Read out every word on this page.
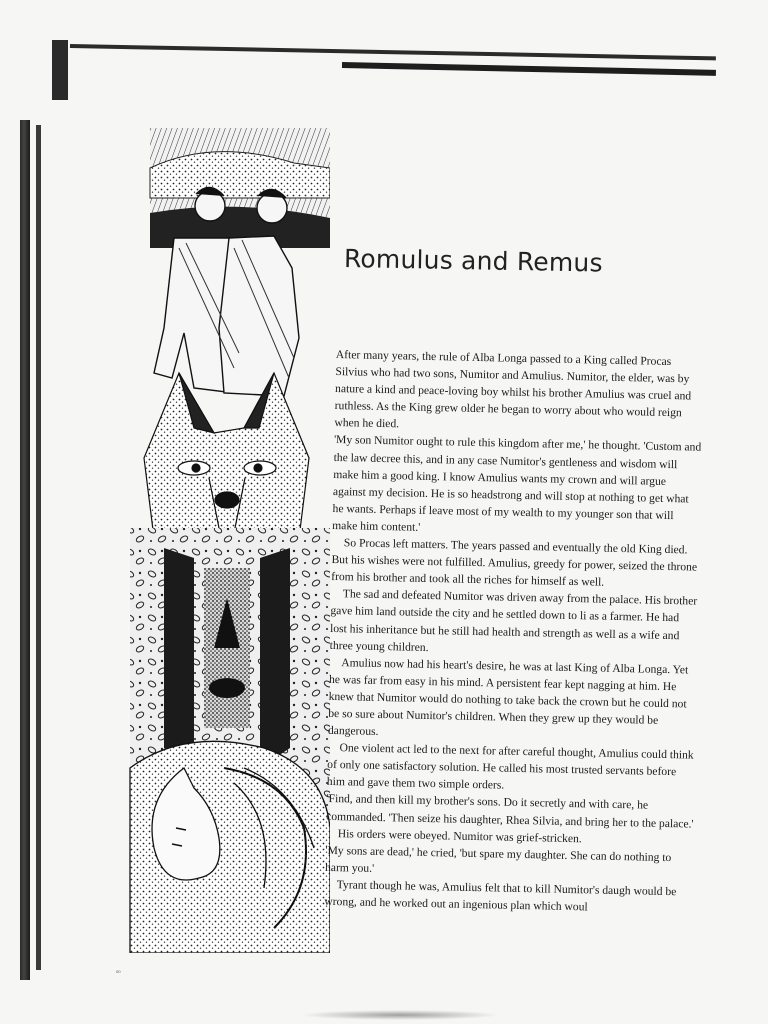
Romulus and Remus

After many years, the rule of Alba Longa passed to a King called Procas Silvius who had two sons, Numitor and Amulius. Numitor, the elder, was by nature a kind and peace-loving boy whilst his brother Amulius was cruel and ruthless. As the King grew older he began to worry about who would reign when he died.

'My son Numitor ought to rule this kingdom after me,' he thought. 'Custom and the law decree this, and in any case Numitor's gentleness and wisdom will make him a good king. I know Amulius wants my crown and will argue against my decision. He is so headstrong and will stop at nothing to get what he wants. Perhaps if leave most of my wealth to my younger son that will make him content.'

So Procas left matters. The years passed and eventually the old King died. But his wishes were not fulfilled. Amulius, greedy for power, seized the throne from his brother and took all the riches for himself as well.

The sad and defeated Numitor was driven away from the palace. His brother gave him land outside the city and he settled down to li as a farmer. He had lost his inheritance but he still had health and strength as well as a wife and three young children.

Amulius now had his heart's desire, he was at last King of Alba Longa. Yet he was far from easy in his mind. A persistent fear kept nagging at him. He knew that Numitor would do nothing to take back the crown but he could not be so sure about Numitor's children. When they grew up they would be dangerous.

One violent act led to the next for after careful thought, Amulius could think of only one satisfactory solution. He called his most trusted servants before him and gave them two simple orders.

'Find, and then kill my brother's sons. Do it secretly and with care, he commanded. 'Then seize his daughter, Rhea Silvia, and bring her to the palace.'

His orders were obeyed. Numitor was grief-stricken.

'My sons are dead,' he cried, 'but spare my daughter. She can do nothing to harm you.'

Tyrant though he was, Amulius felt that to kill Numitor's daugh would be wrong, and he worked out an ingenious plan which woul

ᵒᵒ
